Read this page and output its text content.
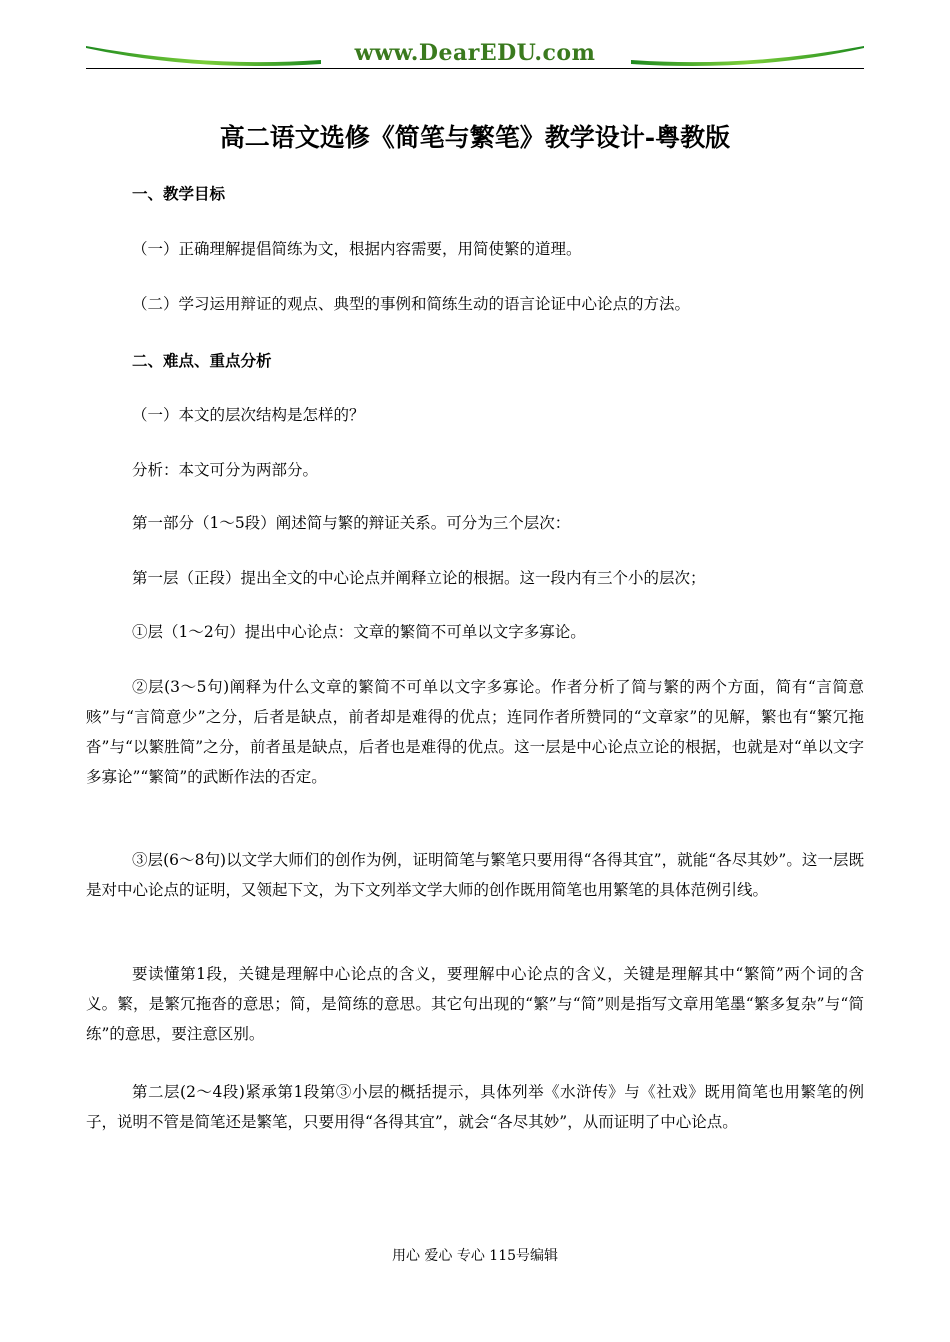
www.DearEDU.com
高二语文选修《简笔与繁笔》教学设计-粤教版
一、教学目标
（一）正确理解提倡简练为文，根据内容需要，用简使繁的道理。
（二）学习运用辩证的观点、典型的事例和简练生动的语言论证中心论点的方法。
二、难点、重点分析
（一）本文的层次结构是怎样的？
分析：本文可分为两部分。
第一部分（1～5段）阐述简与繁的辩证关系。可分为三个层次：
第一层（正段）提出全文的中心论点并阐释立论的根据。这一段内有三个小的层次；
①层（1～2句）提出中心论点：文章的繁简不可单以文字多寡论。
②层(3～5句)阐释为什么文章的繁简不可单以文字多寡论。作者分析了简与繁的两个方面，简有“言简意赅”与“言简意少”之分，后者是缺点，前者却是难得的优点；连同作者所赞同的“文章家”的见解，繁也有“繁冗拖沓”与“以繁胜简”之分，前者虽是缺点，后者也是难得的优点。这一层是中心论点立论的根据，也就是对“单以文字多寡论”“繁简”的武断作法的否定。
③层(6～8句)以文学大师们的创作为例，证明简笔与繁笔只要用得“各得其宜”，就能“各尽其妙”。这一层既是对中心论点的证明，又领起下文，为下文列举文学大师的创作既用简笔也用繁笔的具体范例引线。
要读懂第1段，关键是理解中心论点的含义，要理解中心论点的含义，关键是理解其中“繁简”两个词的含义。繁，是繁冗拖沓的意思；简，是简练的意思。其它句出现的“繁”与“简”则是指写文章用笔墨“繁多复杂”与“简练”的意思，要注意区别。
第二层(2～4段)紧承第1段第③小层的概括提示，具体列举《水浒传》与《社戏》既用简笔也用繁笔的例子，说明不管是简笔还是繁笔，只要用得“各得其宜”，就会“各尽其妙”，从而证明了中心论点。
用心 爱心 专心 115号编辑
